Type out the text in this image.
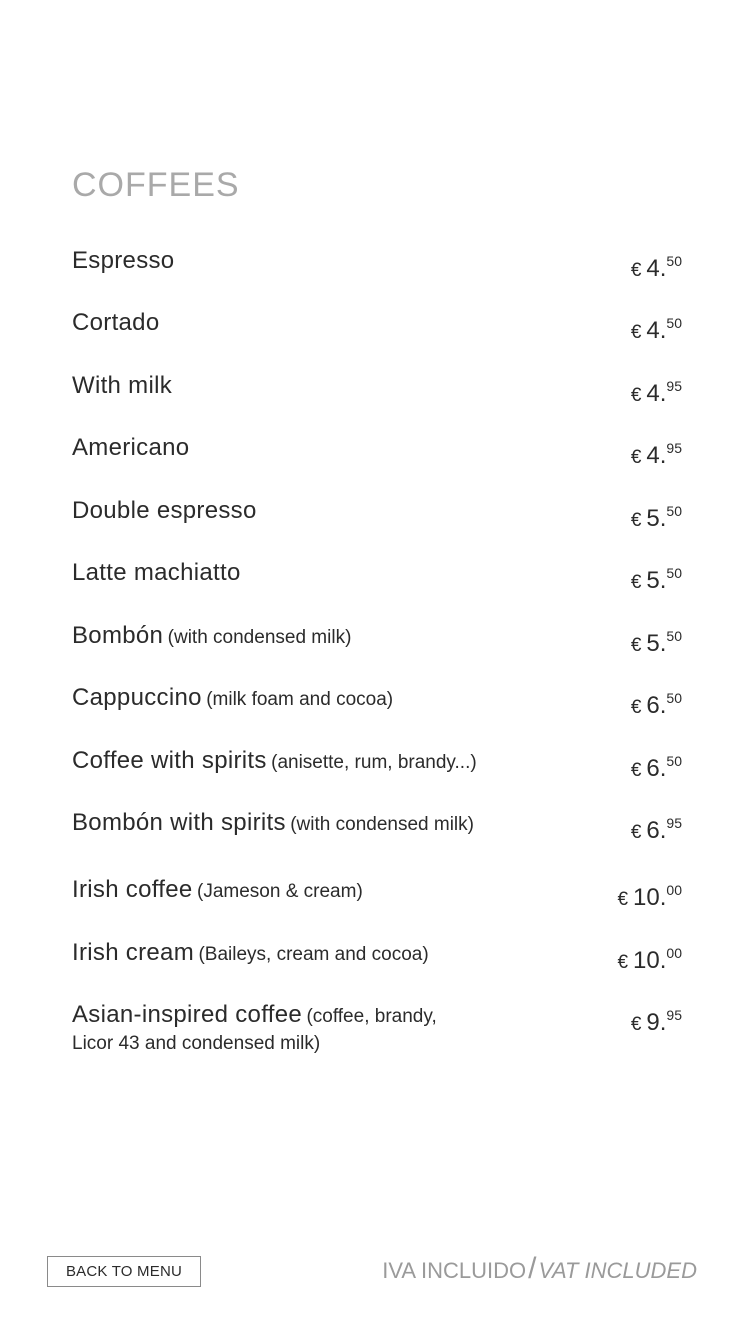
COFFEES
Espresso	€ 4.50
Cortado	€ 4.50
With milk	€ 4.95
Americano	€ 4.95
Double espresso	€ 5.50
Latte machiatto	€ 5.50
Bombón (with condensed milk)	€ 5.50
Cappuccino (milk foam and cocoa)	€ 6.50
Coffee with spirits (anisette, rum, brandy...)	€ 6.50
Bombón with spirits (with condensed milk)	€ 6.95
Irish coffee (Jameson & cream)	€ 10.00
Irish cream (Baileys, cream and cocoa)	€ 10.00
Asian-inspired coffee (coffee, brandy,
Licor 43 and condensed milk)
€ 9.95
BACK TO MENU	IVA INCLUIDO/VAT INCLUDED
